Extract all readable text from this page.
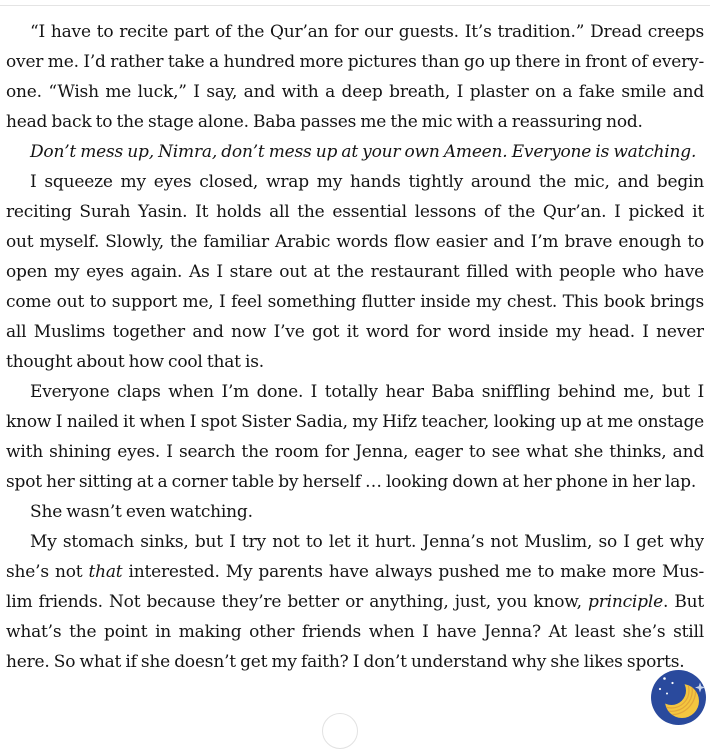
“I have to recite part of the Qur’an for our guests. It’s tradition.” Dread creeps
over me. I’d rather take a hundred more pictures than go up there in front of every-
one. “Wish me luck,” I say, and with a deep breath, I plaster on a fake smile and
head back to the stage alone. Baba passes me the mic with a reassuring nod.
Don’t mess up, Nimra, don’t mess up at your own Ameen. Everyone is watching.
I squeeze my eyes closed, wrap my hands tightly around the mic, and begin
reciting Surah Yasin. It holds all the essential lessons of the Qur’an. I picked it
out myself. Slowly, the familiar Arabic words flow easier and I’m brave enough to
open my eyes again. As I stare out at the restaurant filled with people who have
come out to support me, I feel something flutter inside my chest. This book brings
all Muslims together and now I’ve got it word for word inside my head. I never
thought about how cool that is.
Everyone claps when I’m done. I totally hear Baba sniffling behind me, but I
know I nailed it when I spot Sister Sadia, my Hifz teacher, looking up at me onstage
with shining eyes. I search the room for Jenna, eager to see what she thinks, and
spot her sitting at a corner table by herself … looking down at her phone in her lap.
She wasn’t even watching.
My stomach sinks, but I try not to let it hurt. Jenna’s not Muslim, so I get why
she’s not that interested. My parents have always pushed me to make more Mus-
lim friends. Not because they’re better or anything, just, you know, principle. But
what’s the point in making other friends when I have Jenna? At least she’s still
here. So what if she doesn’t get my faith? I don’t understand why she likes sports.
